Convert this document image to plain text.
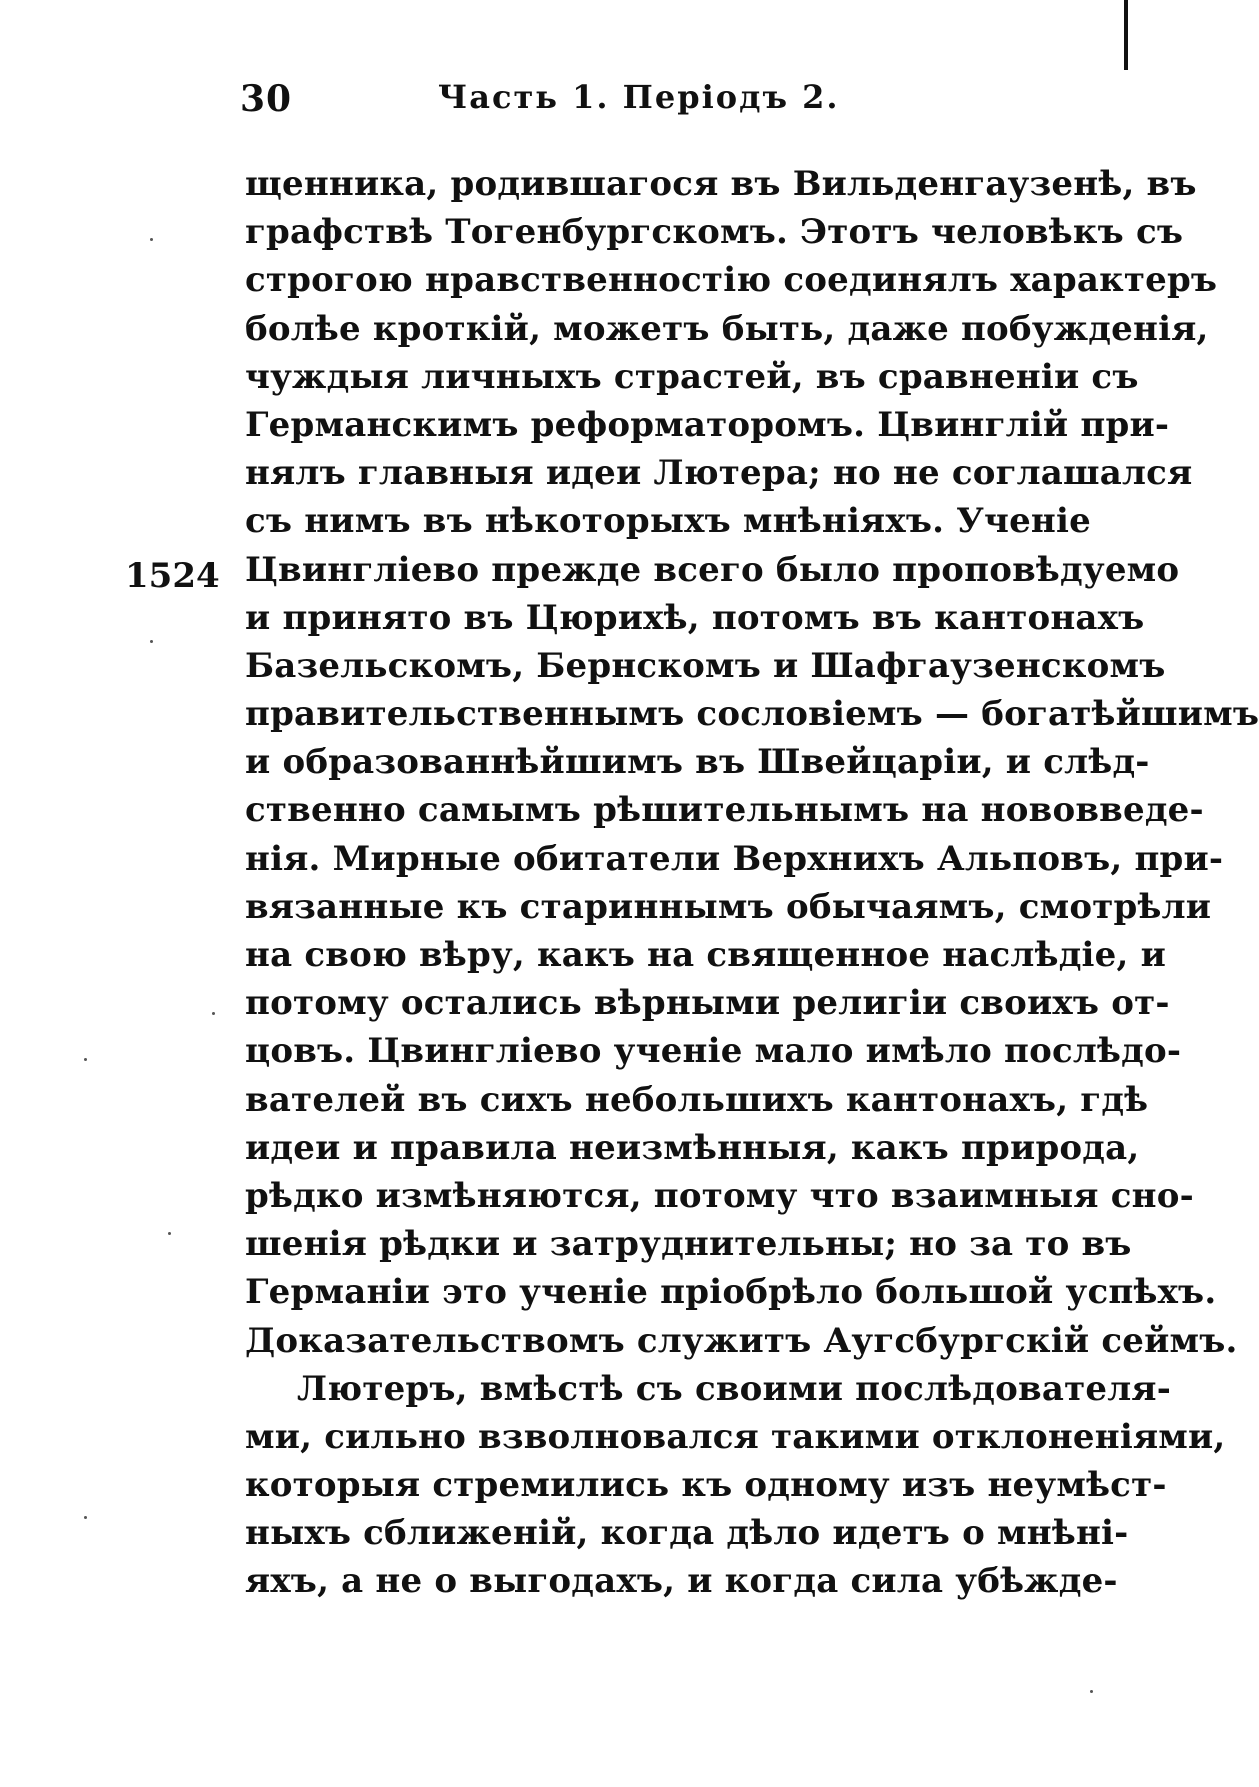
30	Часть 1. Періодъ 2.
1524
щенника, родившагося въ Вильденгаузенѣ, въ
графствѣ Тогенбургскомъ. Этотъ человѣкъ съ
строгою нравственностію соединялъ характеръ
болѣе кроткій, можетъ быть, даже побужденія,
чуждыя личныхъ страстей, въ сравненіи съ
Германскимъ реформаторомъ. Цвинглій при-
нялъ главныя идеи Лютера; но не соглашался
съ нимъ въ нѣкоторыхъ мнѣніяхъ. Ученіе
Цвингліево прежде всего было проповѣдуемо
и принято въ Цюрихѣ, потомъ въ кантонахъ
Базельскомъ, Бернскомъ и Шафгаузенскомъ
правительственнымъ сословіемъ — богатѣйшимъ
и образованнѣйшимъ въ Швейцаріи, и слѣд-
ственно самымъ рѣшительнымъ на нововведе-
нія. Мирные обитатели Верхнихъ Альповъ, при-
вязанные къ стариннымъ обычаямъ, смотрѣли
на свою вѣру, какъ на священное наслѣдіе, и
потому остались вѣрными религіи своихъ от-
цовъ. Цвингліево ученіе мало имѣло послѣдо-
вателей въ сихъ небольшихъ кантонахъ, гдѣ
идеи и правила неизмѣнныя, какъ природа,
рѣдко измѣняются, потому что взаимныя сно-
шенія рѣдки и затруднительны; но за то въ
Германіи это ученіе пріобрѣло большой успѣхъ.
Доказательствомъ служитъ Аугсбургскій сеймъ.
Лютеръ, вмѣстѣ съ своими послѣдователя-
ми, сильно взволновался такими отклоненіями,
которыя стремились къ одному изъ неумѣст-
ныхъ сближеній, когда дѣло идетъ о мнѣні-
яхъ, а не о выгодахъ, и когда сила убѣжде-
